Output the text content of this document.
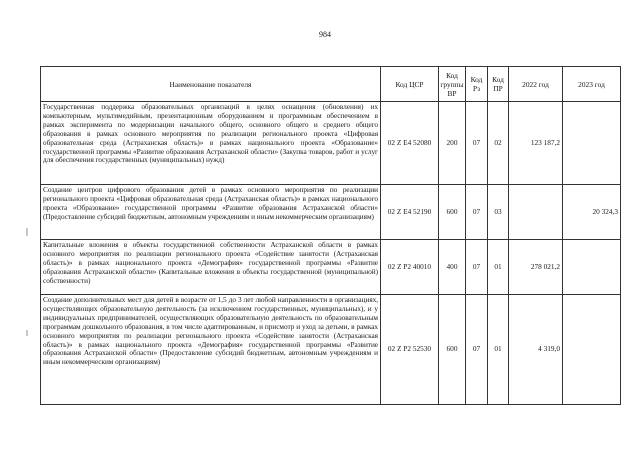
984
Наименование показателя	Код ЦСР	Код группы ВР	Код Рз	Код ПР	2022 год	2023 год
Государственная поддержка образовательных организаций в целях оснащения (обновления) их компьютерным, мультимедийным, презентационным оборудованием и программным обеспечением в рамках эксперимента по модернизации начального общего, основного общего и среднего общего образования в рамках основного мероприятия по реализации регионального проекта «Цифровая образовательная среда (Астраханская область)» в рамках национального проекта «Образование» государственной программы «Развитие образования Астраханской области» (Закупка товаров, работ и услуг для обеспечения государственных (муниципальных) нужд)	02 Z E4 52080	200	07	02	123 187,2	
Создание центров цифрового образования детей в рамках основного мероприятия по реализации регионального проекта «Цифровая образовательная среда (Астраханская область)» в рамках национального проекта «Образование» государственной программы «Развитие образования Астраханской области» (Предоставление субсидий бюджетным, автономным учреждениям и иным некоммерческим организациям)	02 Z E4 52190	600	07	03		20 324,3
Капитальные вложения в объекты государственной собственности Астраханской области в рамках основного мероприятия по реализации регионального проекта «Содействие занятости (Астраханская область)» в рамках национального проекта «Демография» государственной программы «Развитие образования Астраханской области» (Капитальные вложения в объекты государственной (муниципальной) собственности)	02 Z P2 40010	400	07	01	278 021,2	
Создание дополнительных мест для детей в возрасте от 1,5 до 3 лет любой направленности в организациях, осуществляющих образовательную деятельность (за исключением государственных, муниципальных), и у индивидуальных предпринимателей, осуществляющих образовательную деятельность по образовательным программам дошкольного образования, в том числе адаптированным, и присмотр и уход за детьми, в рамках основного мероприятия по реализации регионального проекта «Содействие занятости (Астраханская область)» в рамках национального проекта «Демография» государственной программы «Развитие образования Астраханской области» (Предоставление субсидий бюджетным, автономным учреждениям и иным некоммерческим организациям)	02 Z P2 52530	600	07	01	4 319,0	
